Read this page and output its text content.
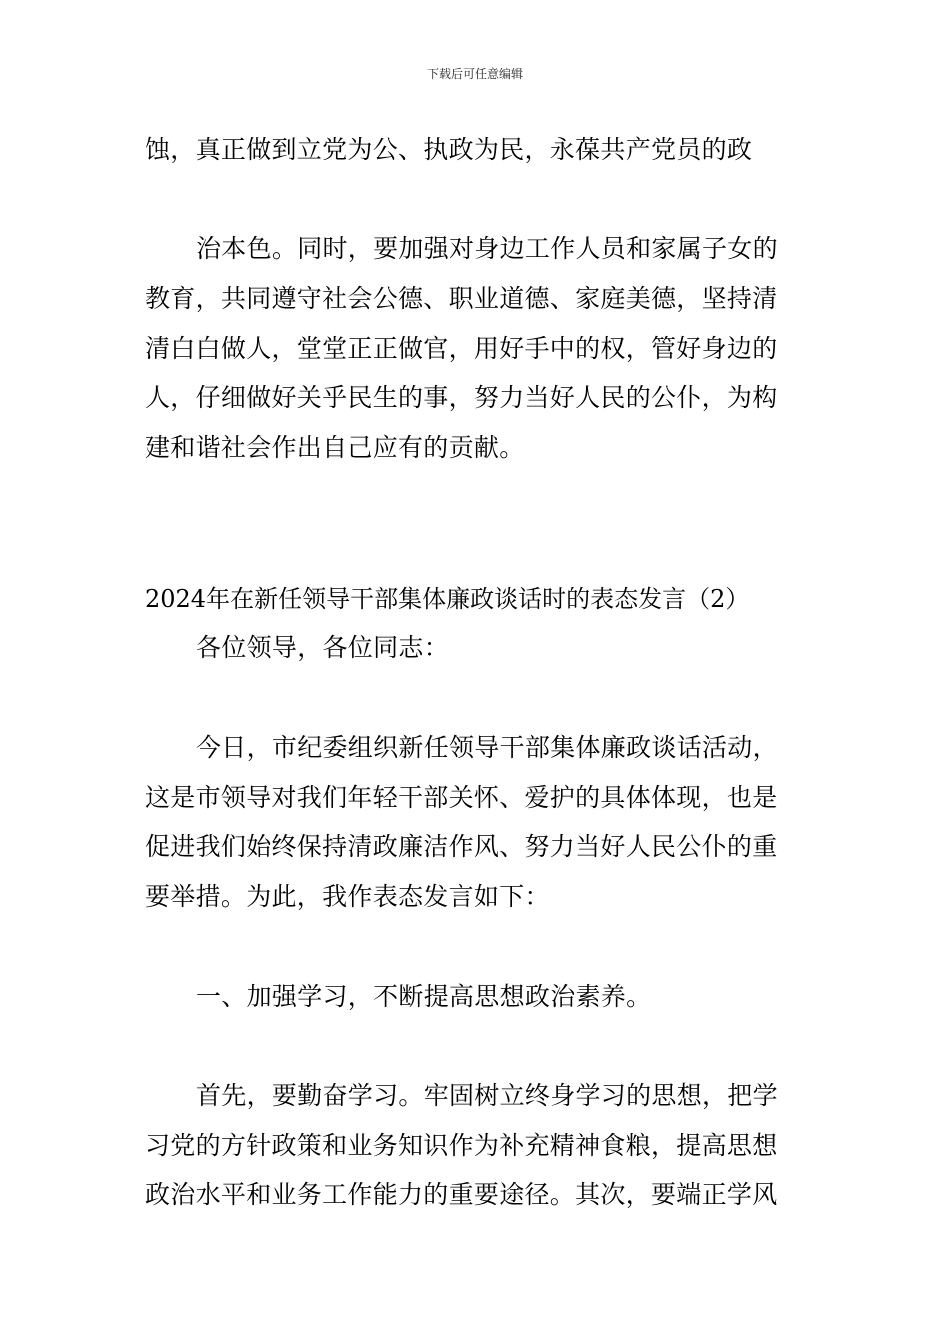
下载后可任意编辑
蚀，真正做到立党为公、执政为民，永葆共产党员的政
治本色。同时，要加强对身边工作人员和家属子女的
教育，共同遵守社会公德、职业道德、家庭美德，坚持清
清白白做人，堂堂正正做官，用好手中的权，管好身边的
人，仔细做好关乎民生的事，努力当好人民的公仆，为构
建和谐社会作出自己应有的贡献。
2024年在新任领导干部集体廉政谈话时的表态发言（2）
各位领导，各位同志：
今日，市纪委组织新任领导干部集体廉政谈话活动，
这是市领导对我们年轻干部关怀、爱护的具体体现，也是
促进我们始终保持清政廉洁作风、努力当好人民公仆的重
要举措。为此，我作表态发言如下：
一、加强学习，不断提高思想政治素养。
首先，要勤奋学习。牢固树立终身学习的思想，把学
习党的方针政策和业务知识作为补充精神食粮，提高思想
政治水平和业务工作能力的重要途径。其次，要端正学风
